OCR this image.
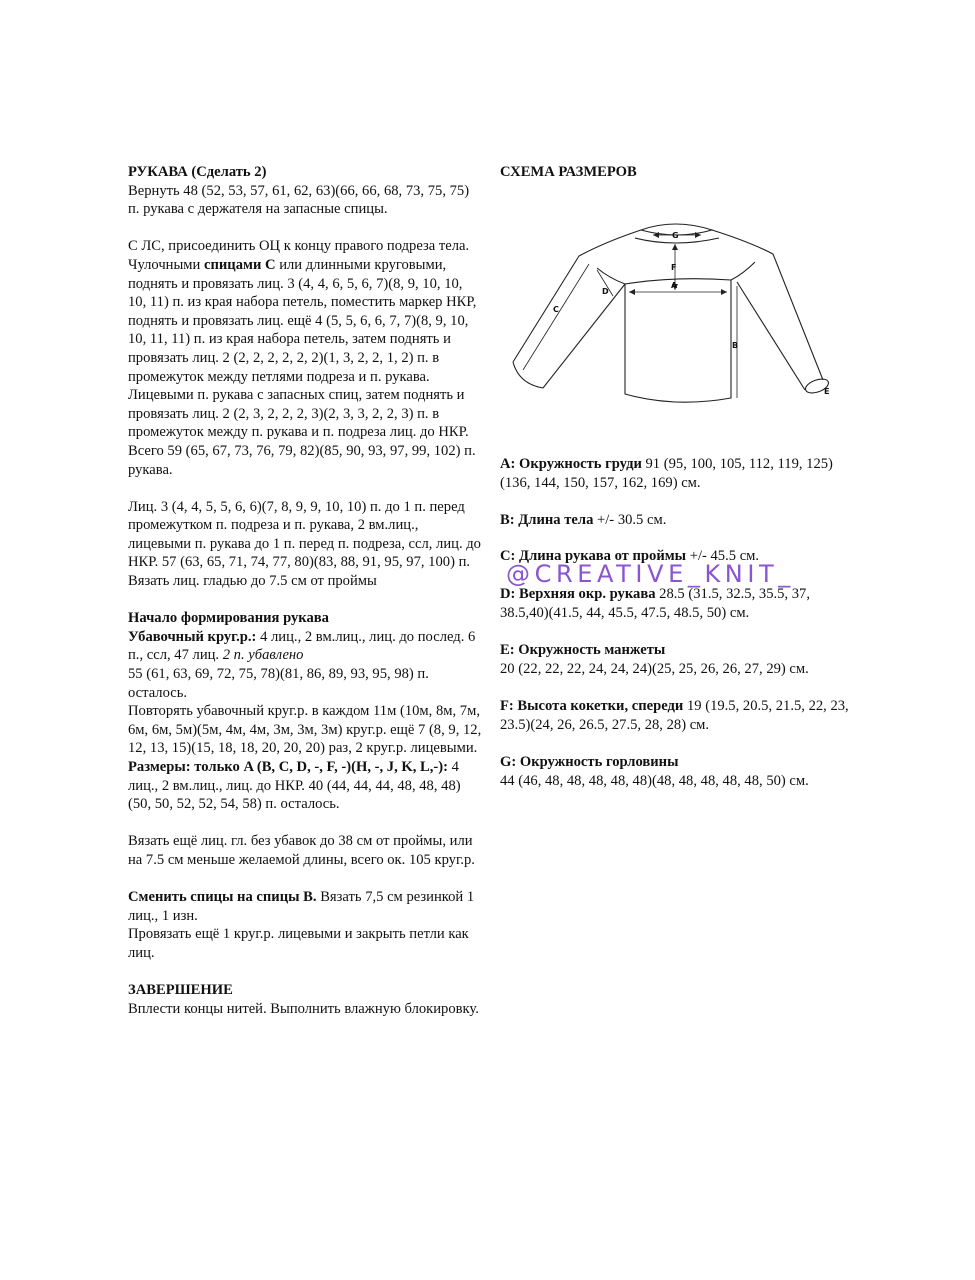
РУКАВА (Сделать 2)
Вернуть 48 (52, 53, 57, 61, 62, 63)(66, 66, 68, 73, 75, 75) п. рукава с держателя на запасные спицы.
С ЛС, присоединить ОЦ к концу правого подреза тела. Чулочными спицами С или длинными круговыми, поднять и провязать лиц. 3 (4, 4, 6, 5, 6, 7)(8, 9, 10, 10, 10, 11) п. из края набора петель, поместить маркер НКР, поднять и провязать лиц. ещё 4 (5, 5, 6, 6, 7, 7)(8, 9, 10, 10, 11, 11) п. из края набора петель, затем поднять и провязать лиц. 2 (2, 2, 2, 2, 2, 2)(1, 3, 2, 2, 1, 2) п. в промежуток между петлями подреза и п. рукава. Лицевыми п. рукава с запасных спиц, затем поднять и провязать лиц. 2 (2, 3, 2, 2, 2, 3)(2, 3, 3, 2, 2, 3) п. в промежуток между п. рукава и п. подреза лиц. до НКР.
Всего 59 (65, 67, 73, 76, 79, 82)(85, 90, 93, 97, 99, 102) п. рукава.
Лиц. 3 (4, 4, 5, 5, 6, 6)(7, 8, 9, 9, 10, 10) п. до 1 п. перед промежутком п. подреза и п. рукава, 2 вм.лиц., лицевыми п. рукава до 1 п. перед п. подреза, ссл, лиц. до НКР. 57 (63, 65, 71, 74, 77, 80)(83, 88, 91, 95, 97, 100) п. Вязать лиц. гладью до 7.5 см от проймы
Начало формирования рукава
Убавочный круг.р.: 4 лиц., 2 вм.лиц., лиц. до послед. 6 п., ссл, 47 лиц. 2 п. убавлено
55 (61, 63, 69, 72, 75, 78)(81, 86, 89, 93, 95, 98) п. осталось.
Повторять убавочный круг.р. в каждом 11м (10м, 8м, 7м, 6м, 6м, 5м)(5м, 4м, 4м, 3м, 3м, 3м) круг.р. ещё 7 (8, 9, 12, 12, 13, 15)(15, 18, 18, 20, 20, 20) раз, 2 круг.р. лицевыми.
Размеры: только A (B, C, D, -, F, -)(H, -, J, K, L,-): 4 лиц., 2 вм.лиц., лиц. до НКР. 40 (44, 44, 44, 48, 48, 48)(50, 50, 52, 52, 54, 58) п. осталось.
Вязать ещё лиц. гл. без убавок до 38 см от проймы, или на 7.5 см меньше желаемой длины, всего ок. 105 круг.р.
Сменить спицы на спицы В. Вязать 7,5 см резинкой 1 лиц., 1 изн.
Провязать ещё 1 круг.р. лицевыми и закрыть петли как лиц.
ЗАВЕРШЕНИЕ
Вплести концы нитей. Выполнить влажную блокировку.
СХЕМА РАЗМЕРОВ
A
B
C
D
E
F
G
A: Окружность груди 91 (95, 100, 105, 112, 119, 125)(136, 144, 150, 157, 162, 169) см.
B: Длина тела +/- 30.5 см.
C: Длина рукава от проймы +/- 45.5 см.
@CREATIVE_KNIT_
D: Верхняя окр. рукава 28.5 (31.5, 32.5, 35.5, 37, 38.5,40)(41.5, 44, 45.5, 47.5, 48.5, 50) см.
E: Окружность манжеты
20 (22, 22, 22, 24, 24, 24)(25, 25, 26, 26, 27, 29) см.
F: Высота кокетки, спереди 19 (19.5, 20.5, 21.5, 22, 23, 23.5)(24, 26, 26.5, 27.5, 28, 28) см.
G: Окружность горловины
44 (46, 48, 48, 48, 48, 48)(48, 48, 48, 48, 48, 50) см.
